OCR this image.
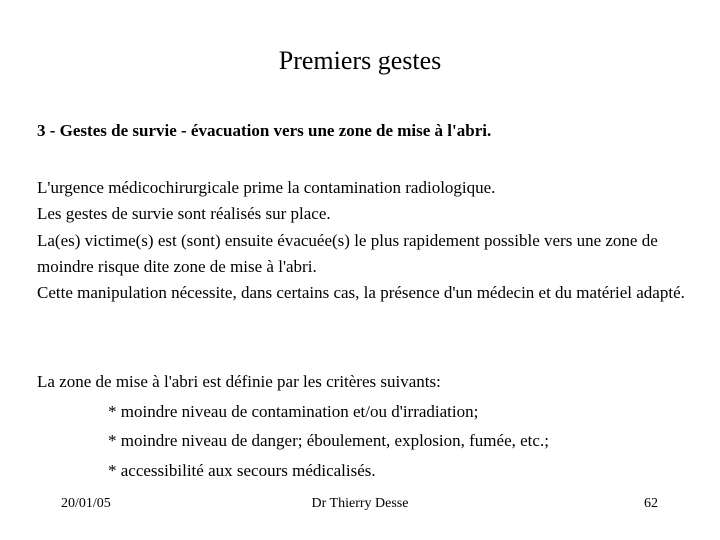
Premiers gestes
3 - Gestes de survie - évacuation vers une zone de mise à l'abri.

L'urgence médicochirurgicale prime la contamination radiologique.

Les gestes de survie sont réalisés sur place.

La(es) victime(s) est (sont) ensuite évacuée(s) le plus rapidement possible vers une zone de moindre risque dite zone de mise à l'abri.

Cette manipulation nécessite, dans certains cas, la présence d'un médecin et du matériel adapté.

La zone de mise à l'abri est définie par les critères suivants:

* moindre niveau de contamination et/ou d'irradiation;

* moindre niveau de danger; éboulement, explosion, fumée, etc.;

* accessibilité aux secours médicalisés.

20/01/05	Dr Thierry Desse	62
